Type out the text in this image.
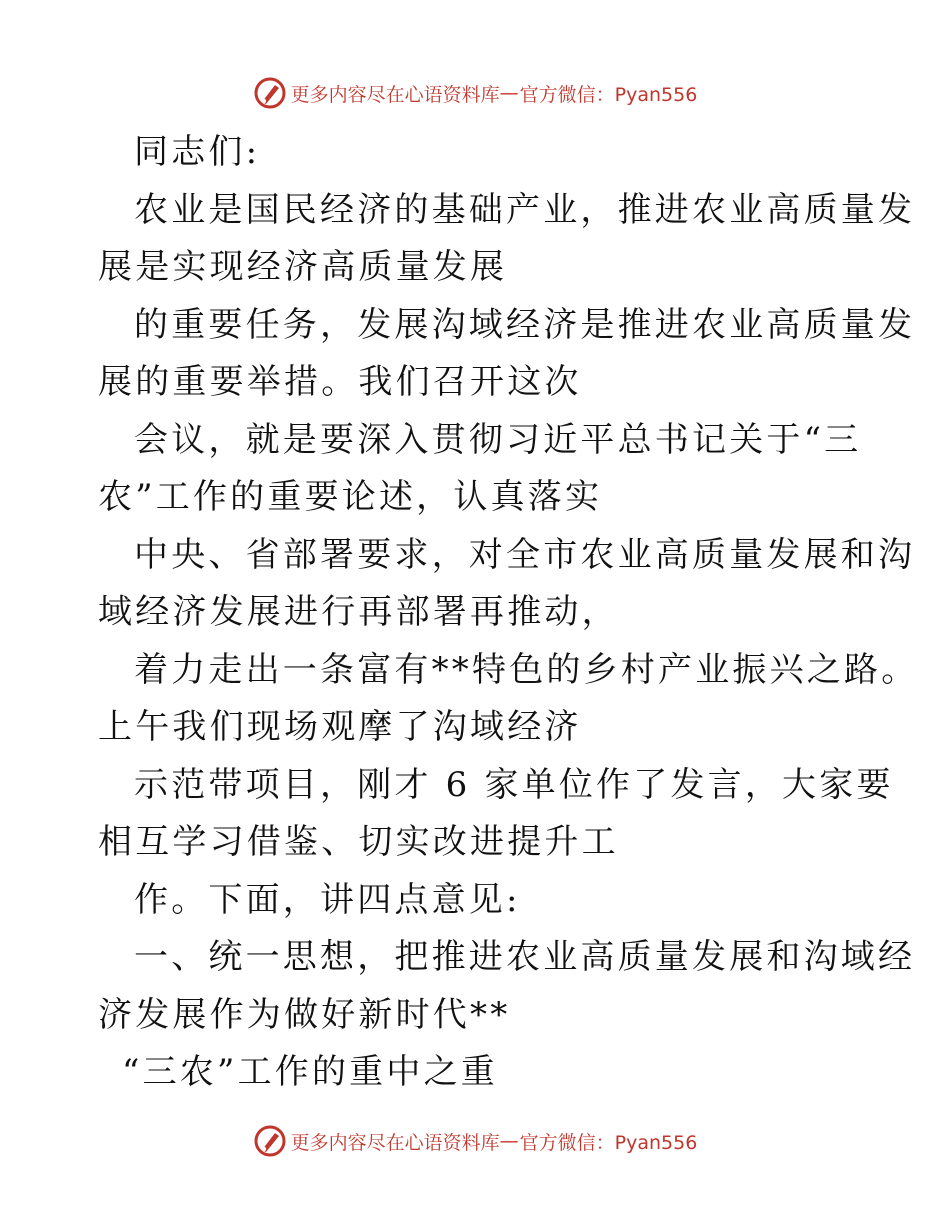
更多内容尽在心语资料库 — 官方微信：Pyan556
同志们:
农业是国民经济的基础产业，推进农业高质量发
展是实现经济高质量发展
的重要任务，发展沟域经济是推进农业高质量发
展的重要举措。我们召开这次
会议，就是要深入贯彻习近平总书记关于“三
农”工作的重要论述，认真落实
中央、省部署要求，对全市农业高质量发展和沟
域经济发展进行再部署再推动，
着力走出一条富有**特色的乡村产业振兴之路。
上午我们现场观摩了沟域经济
示范带项目，刚才 6 家单位作了发言，大家要
相互学习借鉴、切实改进提升工
作。下面，讲四点意见:
一、统一思想，把推进农业高质量发展和沟域经
济发展作为做好新时代**
“三农”工作的重中之重
更多内容尽在心语资料库 — 官方微信：Pyan556
